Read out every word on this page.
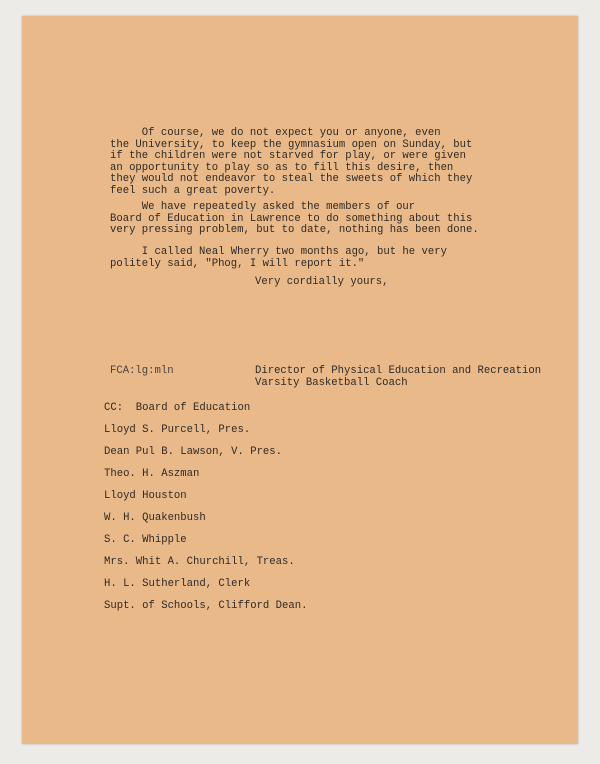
Of course, we do not expect you or anyone, even
the University, to keep the gymnasium open on Sunday, but
if the children were not starved for play, or were given
an opportunity to play so as to fill this desire, then
they would not endeavor to steal the sweets of which they
feel such a great poverty.

We have repeatedly asked the members of our
Board of Education in Lawrence to do something about this
very pressing problem, but to date, nothing has been done.

I called Neal Wherry two months ago, but he very
politely said, "Phog, I will report it."

Very cordially yours,

FCA:lg:mln	Director of Physical Education and Recreation
Varsity Basketball Coach

CC:  Board of Education

Lloyd S. Purcell, Pres.

Dean Pul B. Lawson, V. Pres.

Theo. H. Aszman

Lloyd Houston

W. H. Quakenbush

S. C. Whipple

Mrs. Whit A. Churchill, Treas.

H. L. Sutherland, Clerk

Supt. of Schools, Clifford Dean.
